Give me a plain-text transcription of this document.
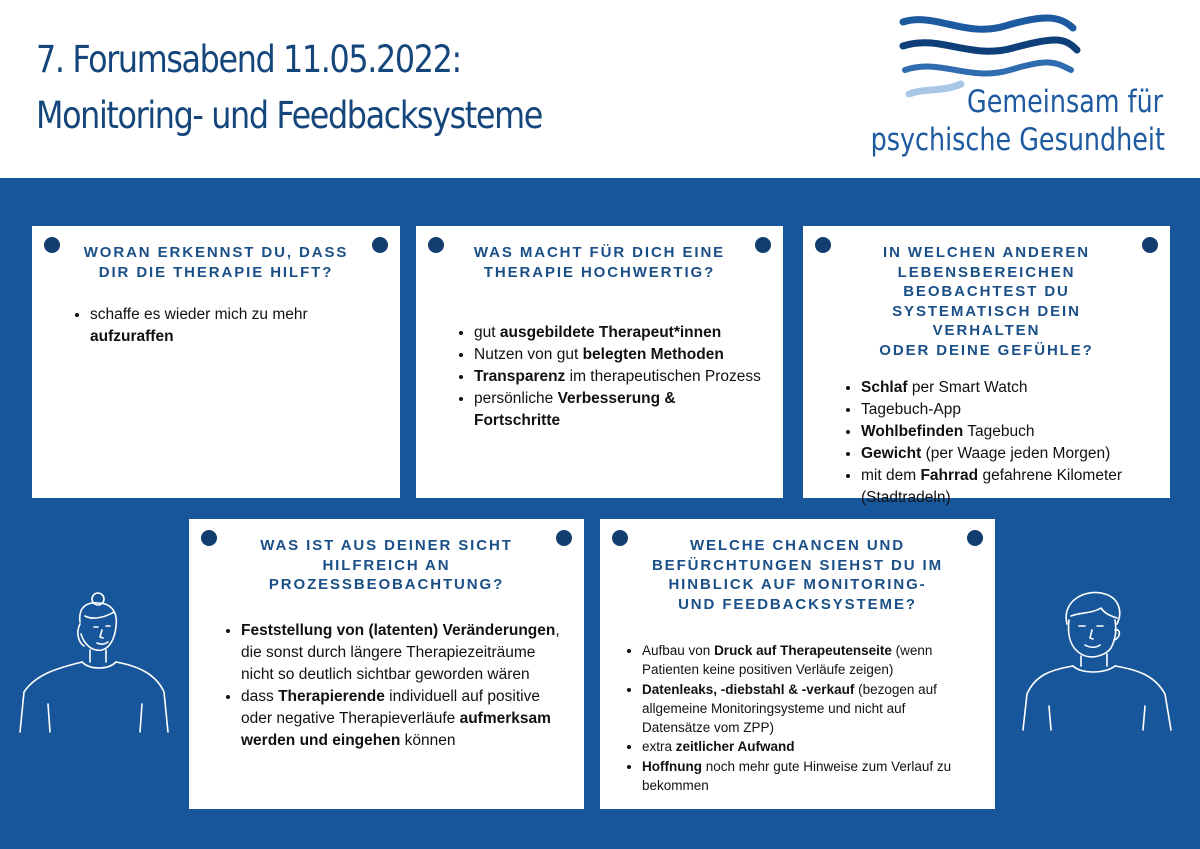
7. Forumsabend 11.05.2022:
Monitoring- und Feedbacksysteme	Gemeinsam für
psychische Gesundheit
WORAN ERKENNST DU, DASS
DIR DIE THERAPIE HILFT?
• schaffe es wieder mich zu mehr aufzuraffen
WAS MACHT FÜR DICH EINE
THERAPIE HOCHWERTIG?
• gut ausgebildete Therapeut*innen
• Nutzen von gut belegten Methoden
• Transparenz im therapeutischen Prozess
• persönliche Verbesserung & Fortschritte
IN WELCHEN ANDEREN
LEBENSBEREICHEN BEOBACHTEST DU
SYSTEMATISCH DEIN VERHALTEN
ODER DEINE GEFÜHLE?
• Schlaf per Smart Watch
• Tagebuch-App
• Wohlbefinden Tagebuch
• Gewicht (per Waage jeden Morgen)
• mit dem Fahrrad gefahrene Kilometer (Stadtradeln)
WAS IST AUS DEINER SICHT
HILFREICH AN
PROZESSBEOBACHTUNG?
• Feststellung von (latenten) Veränderungen, die sonst durch längere Therapiezeiträume nicht so deutlich sichtbar geworden wären
• dass Therapierende individuell auf positive oder negative Therapieverläufe aufmerksam werden und eingehen können
WELCHE CHANCEN UND
BEFÜRCHTUNGEN SIEHST DU IM
HINBLICK AUF MONITORING-
UND FEEDBACKSYSTEME?
• Aufbau von Druck auf Therapeutenseite (wenn Patienten keine positiven Verläufe zeigen)
• Datenleaks, -diebstahl & -verkauf (bezogen auf allgemeine Monitoringsysteme und nicht auf Datensätze vom ZPP)
• extra zeitlicher Aufwand
• Hoffnung noch mehr gute Hinweise zum Verlauf zu bekommen
